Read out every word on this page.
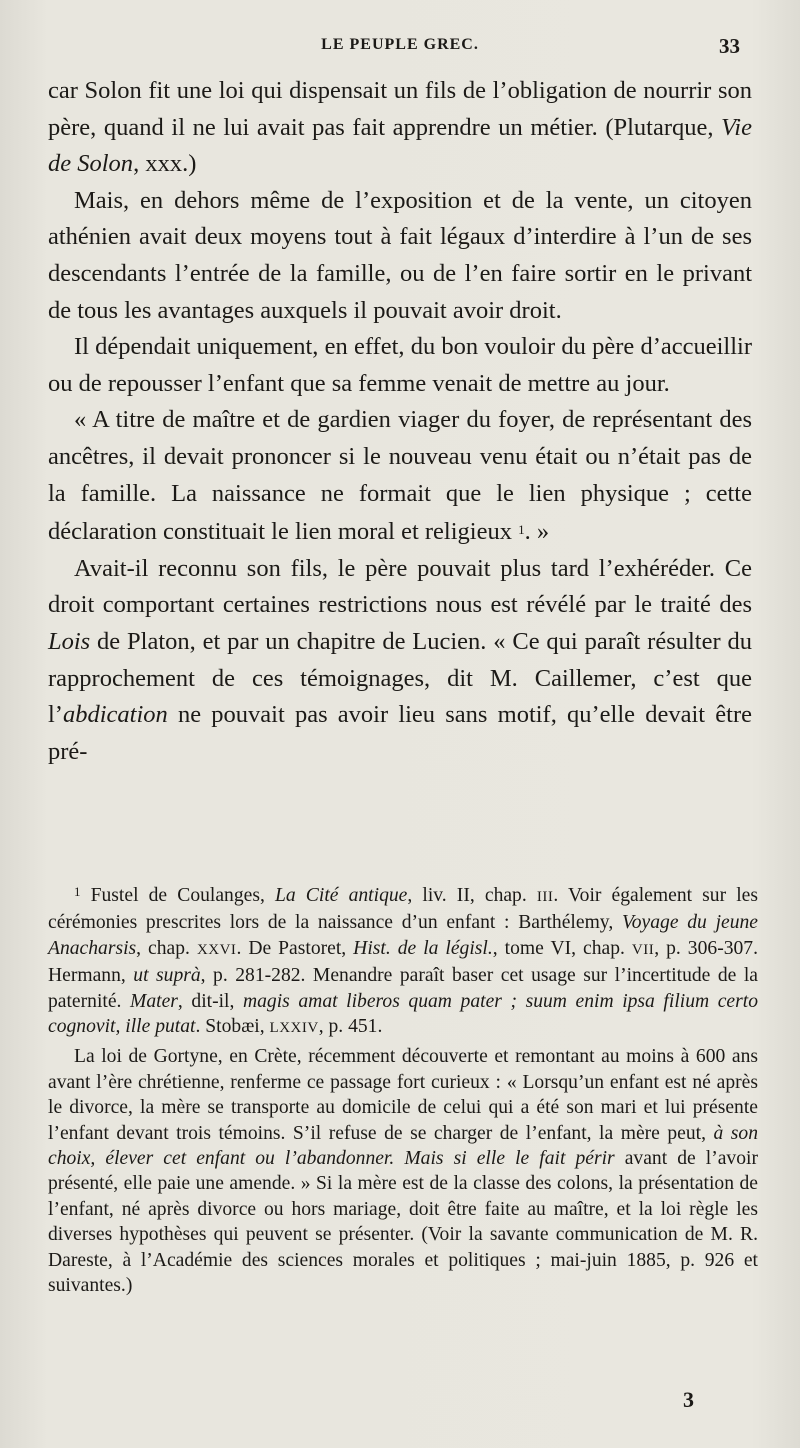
LE PEUPLE GREC.	33

car Solon fit une loi qui dispensait un fils de l’obligation de nourrir son père, quand il ne lui avait pas fait apprendre un métier. (Plutarque, Vie de Solon, xxx.)

Mais, en dehors même de l’exposition et de la vente, un citoyen athénien avait deux moyens tout à fait légaux d’interdire à l’un de ses descendants l’entrée de la famille, ou de l’en faire sortir en le privant de tous les avantages auxquels il pouvait avoir droit.

Il dépendait uniquement, en effet, du bon vouloir du père d’accueillir ou de repousser l’enfant que sa femme venait de mettre au jour.

« A titre de maître et de gardien viager du foyer, de représentant des ancêtres, il devait prononcer si le nouveau venu était ou n’était pas de la famille. La naissance ne formait que le lien physique ; cette déclaration constituait le lien moral et religieux $^1$. »

Avait-il reconnu son fils, le père pouvait plus tard l’exhéréder. Ce droit comportant certaines restrictions nous est révélé par le traité des Lois de Platon, et par un chapitre de Lucien. « Ce qui paraît résulter du rapprochement de ces témoignages, dit M. Caillemer, c’est que l’abdication ne pouvait pas avoir lieu sans motif, qu’elle devait être pré-

$^1$ Fustel de Coulanges, La Cité antique, liv. II, chap. III. Voir également sur les cérémonies prescrites lors de la naissance d’un enfant : Barthélemy, Voyage du jeune Anacharsis, chap. XXVI. De Pastoret, Hist. de la législ., tome VI, chap. VII, p. 306-307. Hermann, ut suprà, p. 281-282. Menandre paraît baser cet usage sur l’incertitude de la paternité. Mater, dit-il, magis amat liberos quam pater ; suum enim ipsa filium certo cognovit, ille putat. Stobæi, LXXIV, p. 451.

La loi de Gortyne, en Crète, récemment découverte et remontant au moins à 600 ans avant l’ère chrétienne, renferme ce passage fort curieux : « Lorsqu’un enfant est né après le divorce, la mère se transporte au domicile de celui qui a été son mari et lui présente l’enfant devant trois témoins. S’il refuse de se charger de l’enfant, la mère peut, à son choix, élever cet enfant ou l’abandonner. Mais si elle le fait périr avant de l’avoir présenté, elle paie une amende. » Si la mère est de la classe des colons, la présentation de l’enfant, né après divorce ou hors mariage, doit être faite au maître, et la loi règle les diverses hypothèses qui peuvent se présenter. (Voir la savante communication de M. R. Dareste, à l’Académie des sciences morales et politiques ; mai-juin 1885, p. 926 et suivantes.)

3
